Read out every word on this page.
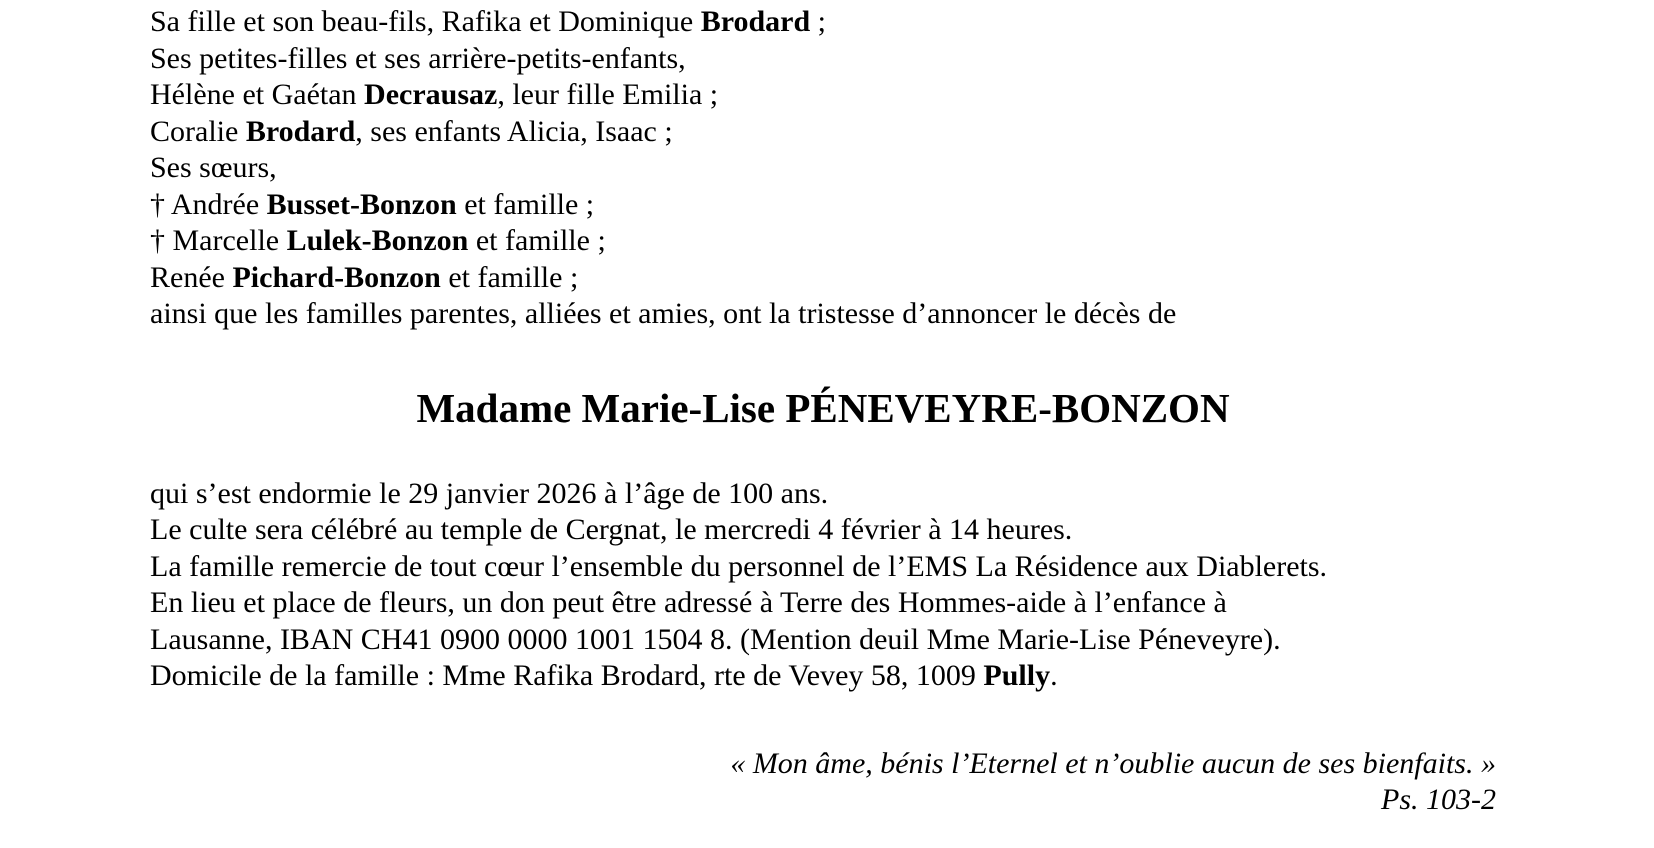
Sa fille et son beau-fils, Rafika et Dominique Brodard ;

Ses petites-filles et ses arrière-petits-enfants,

Hélène et Gaétan Decrausaz, leur fille Emilia ;

Coralie Brodard, ses enfants Alicia, Isaac ;

Ses sœurs,

† Andrée Busset-Bonzon et famille ;

† Marcelle Lulek-Bonzon et famille ;

Renée Pichard-Bonzon et famille ;

ainsi que les familles parentes, alliées et amies, ont la tristesse d’annoncer le décès de

Madame Marie-Lise PÉNEVEYRE-BONZON

qui s’est endormie le 29 janvier 2026 à l’âge de 100 ans.

Le culte sera célébré au temple de Cergnat, le mercredi 4 février à 14 heures.

La famille remercie de tout cœur l’ensemble du personnel de l’EMS La Résidence aux Diablerets.

En lieu et place de fleurs, un don peut être adressé à Terre des Hommes-aide à l’enfance à

Lausanne, IBAN CH41 0900 0000 1001 1504 8. (Mention deuil Mme Marie-Lise Péneveyre).

Domicile de la famille : Mme Rafika Brodard, rte de Vevey 58, 1009 Pully.

« Mon âme, bénis l’Eternel et n’oublie aucun de ses bienfaits. »

Ps. 103-2
